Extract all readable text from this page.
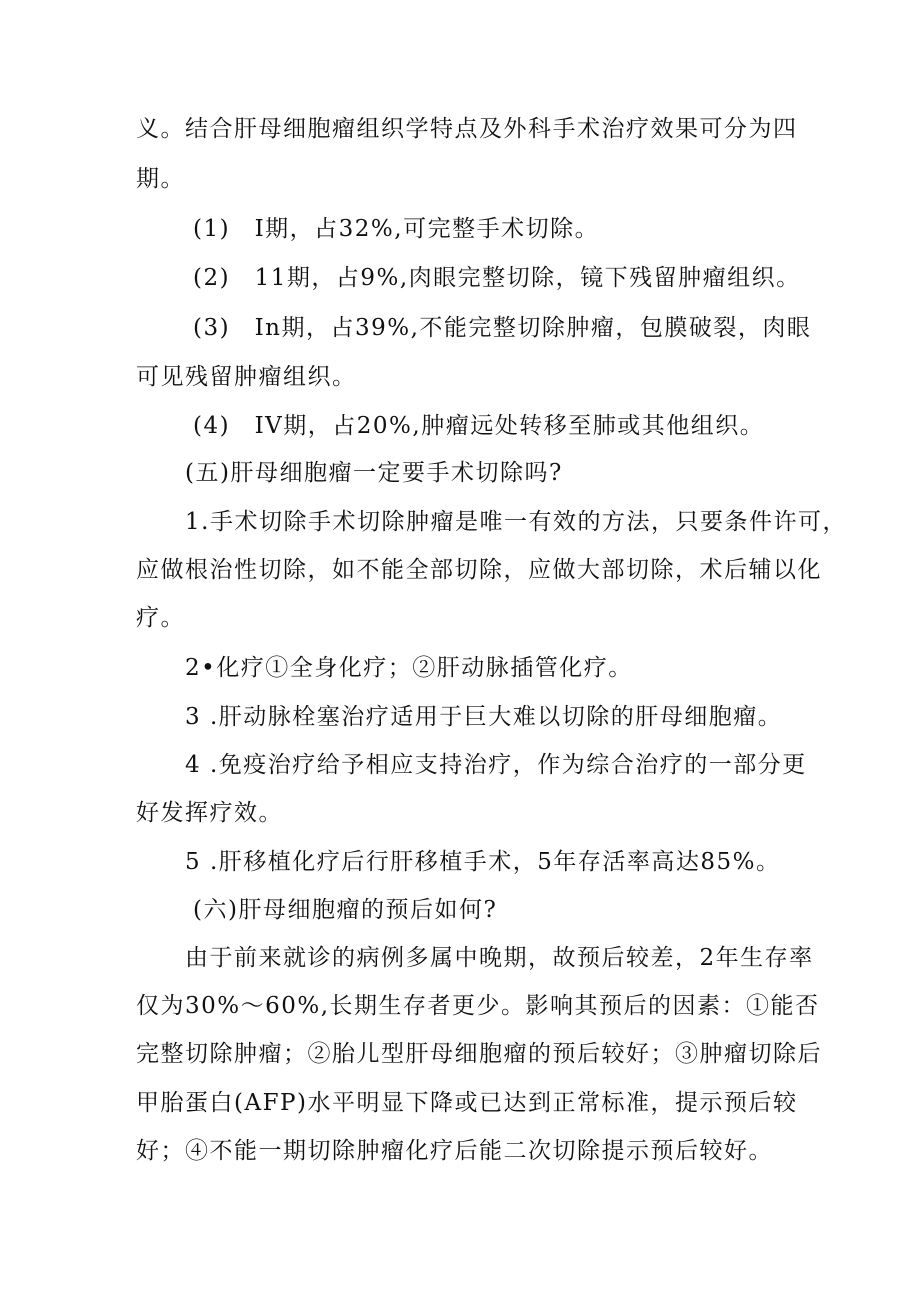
义。结合肝母细胞瘤组织学特点及外科手术治疗效果可分为四
期。
(1)　I期，占32%,可完整手术切除。
(2)　11期，占9%,肉眼完整切除，镜下残留肿瘤组织。
(3)　In期，占39%,不能完整切除肿瘤，包膜破裂，肉眼
可见残留肿瘤组织。
(4)　IV期，占20%,肿瘤远处转移至肺或其他组织。
(五)肝母细胞瘤一定要手术切除吗?
1.手术切除手术切除肿瘤是唯一有效的方法，只要条件许可，
应做根治性切除，如不能全部切除，应做大部切除，术后辅以化
疗。
2•化疗①全身化疗；②肝动脉插管化疗。
3 .肝动脉栓塞治疗适用于巨大难以切除的肝母细胞瘤。
4 .免疫治疗给予相应支持治疗，作为综合治疗的一部分更
好发挥疗效。
5 .肝移植化疗后行肝移植手术，5年存活率高达85%。
(六)肝母细胞瘤的预后如何?
由于前来就诊的病例多属中晚期，故预后较差，2年生存率
仅为30%～60%,长期生存者更少。影响其预后的因素：①能否
完整切除肿瘤；②胎儿型肝母细胞瘤的预后较好；③肿瘤切除后
甲胎蛋白(AFP)水平明显下降或已达到正常标准，提示预后较
好；④不能一期切除肿瘤化疗后能二次切除提示预后较好。
